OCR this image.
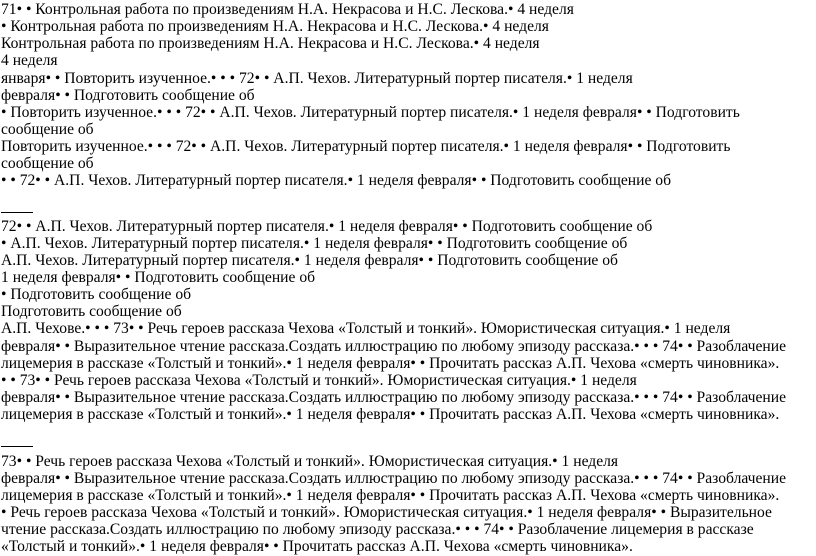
71• • Контрольная работа по произведениям Н.А. Некрасова и Н.С. Лескова.• 4 неделя
• Контрольная работа по произведениям Н.А. Некрасова и Н.С. Лескова.• 4 неделя
Контрольная работа по произведениям Н.А. Некрасова и Н.С. Лескова.• 4 неделя
4 неделя
января• • Повторить изученное.• • • 72• • А.П. Чехов. Литературный портер писателя.• 1 неделя
февраля• • Подготовить сообщение об
• Повторить изученное.• • • 72• • А.П. Чехов. Литературный портер писателя.• 1 неделя февраля• • Подготовить
сообщение об
Повторить изученное.• • • 72• • А.П. Чехов. Литературный портер писателя.• 1 неделя февраля• • Подготовить
сообщение об
• • 72• • А.П. Чехов. Литературный портер писателя.• 1 неделя февраля• • Подготовить сообщение об
72• • А.П. Чехов. Литературный портер писателя.• 1 неделя февраля• • Подготовить сообщение об
• А.П. Чехов. Литературный портер писателя.• 1 неделя февраля• • Подготовить сообщение об
А.П. Чехов. Литературный портер писателя.• 1 неделя февраля• • Подготовить сообщение об
1 неделя февраля• • Подготовить сообщение об
• Подготовить сообщение об
Подготовить сообщение об
А.П. Чехове.• • • 73• • Речь героев рассказа Чехова «Толстый и тонкий». Юмористическая ситуация.• 1 неделя
февраля• • Выразительное чтение рассказа.Создать иллюстрацию по любому эпизоду рассказа.• • • 74• • Разоблачение
лицемерия в рассказе «Толстый и тонкий».• 1 неделя февраля• • Прочитать рассказ А.П. Чехова «смерть чиновника».
• • 73• • Речь героев рассказа Чехова «Толстый и тонкий». Юмористическая ситуация.• 1 неделя
февраля• • Выразительное чтение рассказа.Создать иллюстрацию по любому эпизоду рассказа.• • • 74• • Разоблачение
лицемерия в рассказе «Толстый и тонкий».• 1 неделя февраля• • Прочитать рассказ А.П. Чехова «смерть чиновника».
73• • Речь героев рассказа Чехова «Толстый и тонкий». Юмористическая ситуация.• 1 неделя
февраля• • Выразительное чтение рассказа.Создать иллюстрацию по любому эпизоду рассказа.• • • 74• • Разоблачение
лицемерия в рассказе «Толстый и тонкий».• 1 неделя февраля• • Прочитать рассказ А.П. Чехова «смерть чиновника».
• Речь героев рассказа Чехова «Толстый и тонкий». Юмористическая ситуация.• 1 неделя февраля• • Выразительное
чтение рассказа.Создать иллюстрацию по любому эпизоду рассказа.• • • 74• • Разоблачение лицемерия в рассказе
«Толстый и тонкий».• 1 неделя февраля• • Прочитать рассказ А.П. Чехова «смерть чиновника».
